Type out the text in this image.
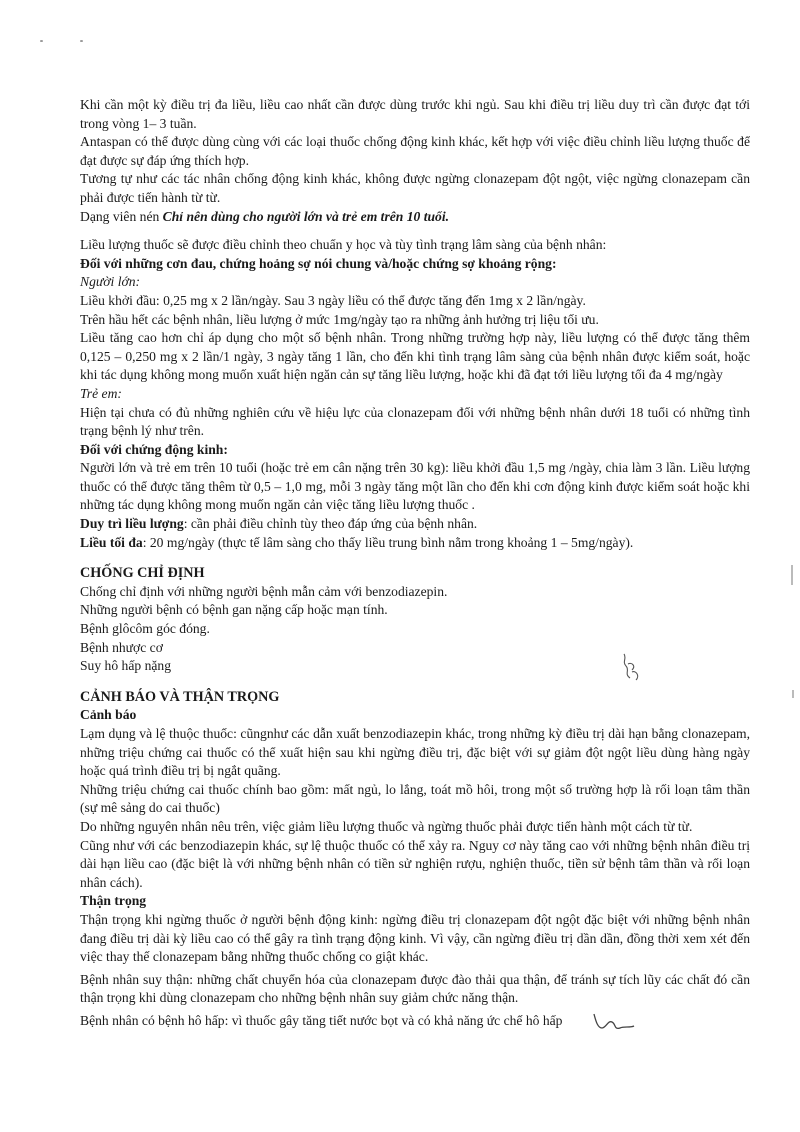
Khi cần một kỳ điều trị đa liều, liều cao nhất cần được dùng trước khi ngủ. Sau khi điều trị liều duy trì cần được đạt tới trong vòng 1– 3 tuần.

Antaspan có thể được dùng cùng với các loại thuốc chống động kinh khác, kết hợp với việc điều chỉnh liều lượng thuốc để đạt được sự đáp ứng thích hợp.

Tương tự như các tác nhân chống động kinh khác, không được ngừng clonazepam đột ngột, việc ngừng clonazepam cần phải được tiến hành từ từ.

Dạng viên nén Chỉ nên dùng cho người lớn và trẻ em trên 10 tuổi.

Liều lượng thuốc sẽ được điều chỉnh theo chuẩn y học và tùy tình trạng lâm sàng của bệnh nhân:

Đối với những cơn đau, chứng hoảng sợ nói chung và/hoặc chứng sợ khoảng rộng:

Người lớn:

Liều khởi đầu: 0,25 mg x 2 lần/ngày. Sau 3 ngày liều có thể được tăng đến 1mg x 2 lần/ngày.

Trên hầu hết các bệnh nhân, liều lượng ở mức 1mg/ngày tạo ra những ảnh hưởng trị liệu tối ưu.

Liều tăng cao hơn chỉ áp dụng cho một số bệnh nhân. Trong những trường hợp này, liều lượng có thể được tăng thêm 0,125 – 0,250 mg x 2 lần/1 ngày, 3 ngày tăng 1 lần, cho đến khi tình trạng lâm sàng của bệnh nhân được kiểm soát, hoặc khi tác dụng không mong muốn xuất hiện ngăn cản sự tăng liều lượng, hoặc khi đã đạt tới liều lượng tối đa 4 mg/ngày

Trẻ em:

Hiện tại chưa có đủ những nghiên cứu về hiệu lực của clonazepam đối với những bệnh nhân dưới 18 tuổi có những tình trạng bệnh lý như trên.

Đối với chứng động kinh:

Người lớn và trẻ em trên 10 tuổi (hoặc trẻ em cân nặng trên 30 kg): liều khởi đầu 1,5 mg /ngày, chia làm 3 lần. Liều lượng thuốc có thể được tăng thêm từ 0,5 – 1,0 mg, mỗi 3 ngày tăng một lần cho đến khi cơn động kinh được kiểm soát hoặc khi những tác dụng không mong muốn ngăn cản việc tăng liều lượng thuốc .

Duy trì liều lượng: cần phải điều chỉnh tùy theo đáp ứng của bệnh nhân.

Liều tối đa: 20 mg/ngày (thực tế lâm sàng cho thấy liều trung bình nằm trong khoảng 1 – 5mg/ngày).

CHỐNG CHỈ ĐỊNH

Chống chỉ định với những người bệnh mẫn cảm với benzodiazepin.

Những người bệnh có bệnh gan nặng cấp hoặc mạn tính.

Bệnh glôcôm góc đóng.

Bệnh nhược cơ

Suy hô hấp nặng

CẢNH BÁO VÀ THẬN TRỌNG

Cảnh báo

Lạm dụng và lệ thuộc thuốc: cũngnhư các dẫn xuất benzodiazepin khác, trong những kỳ điều trị dài hạn bằng clonazepam, những triệu chứng cai thuốc có thể xuất hiện sau khi ngừng điều trị, đặc biệt với sự giảm đột ngột liều dùng hàng ngày hoặc quá trình điều trị bị ngắt quãng.

Những triệu chứng cai thuốc chính bao gồm: mất ngủ, lo lắng, toát mồ hôi, trong một số trường hợp là rối loạn tâm thần (sự mê sảng do cai thuốc)

Do những nguyên nhân nêu trên, việc giảm liều lượng thuốc và ngừng thuốc phải được tiến hành một cách từ từ.

Cũng như với các benzodiazepin khác, sự lệ thuộc thuốc có thể xảy ra. Nguy cơ này tăng cao với những bệnh nhân điều trị dài hạn liều cao (đặc biệt là với những bệnh nhân có tiền sử nghiện rượu, nghiện thuốc, tiền sử bệnh tâm thần và rối loạn nhân cách).

Thận trọng

Thận trọng khi ngừng thuốc ở người bệnh động kinh: ngừng điều trị clonazepam đột ngột đặc biệt với những bệnh nhân đang điều trị dài kỳ liều cao có thể gây ra tình trạng động kinh. Vì vậy, cần ngừng điều trị dần dần, đồng thời xem xét đến việc thay thế clonazepam bằng những thuốc chống co giật khác.

Bệnh nhân suy thận: những chất chuyển hóa của clonazepam được đào thải qua thận, để tránh sự tích lũy các chất đó cần thận trọng khi dùng clonazepam cho những bệnh nhân suy giảm chức năng thận.

Bệnh nhân có bệnh hô hấp: vì thuốc gây tăng tiết nước bọt và có khả năng ức chế hô hấp
